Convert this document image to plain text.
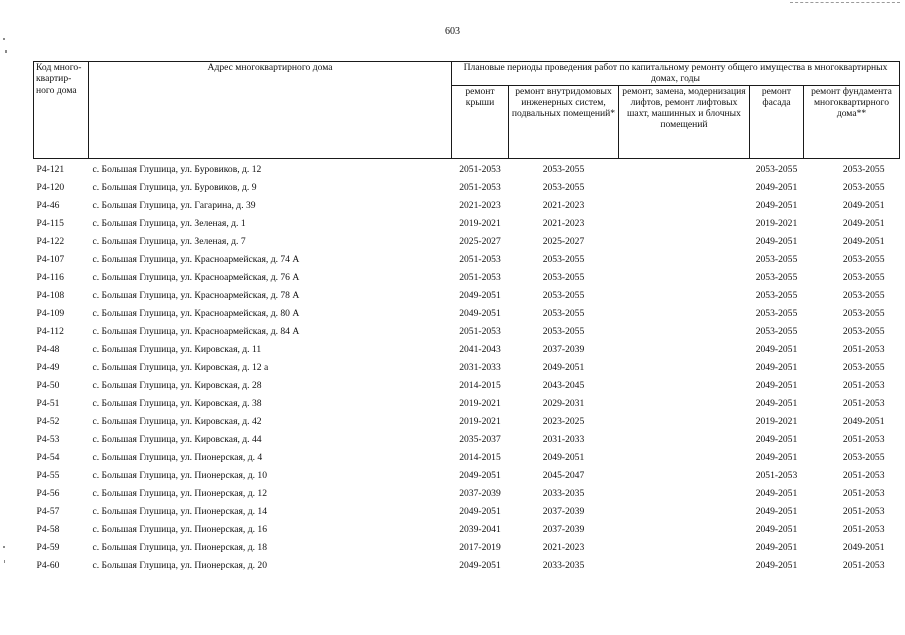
603
Код много-квартир-ного дома	Адрес многоквартирного дома	Плановые периоды проведения работ по капитальному ремонту общего имущества в многоквартирных домах, годы				
		ремонт крыши	ремонт внутридомовых инженерных систем, подвальных помещений*	ремонт, замена, модернизация лифтов, ремонт лифтовых шахт, машинных и блочных помещений	ремонт фасада	ремонт фундамента многоквартирного дома**
Р4-121	с. Большая Глушица, ул. Буровиков, д. 12	2051-2053	2053-2055		2053-2055	2053-2055
Р4-120	с. Большая Глушица, ул. Буровиков, д. 9	2051-2053	2053-2055		2049-2051	2053-2055
Р4-46	с. Большая Глушица, ул. Гагарина, д. 39	2021-2023	2021-2023		2049-2051	2049-2051
Р4-115	с. Большая Глушица, ул. Зеленая, д. 1	2019-2021	2021-2023		2019-2021	2049-2051
Р4-122	с. Большая Глушица, ул. Зеленая, д. 7	2025-2027	2025-2027		2049-2051	2049-2051
Р4-107	с. Большая Глушица, ул. Красноармейская, д. 74 А	2051-2053	2053-2055		2053-2055	2053-2055
Р4-116	с. Большая Глушица, ул. Красноармейская, д. 76 А	2051-2053	2053-2055		2053-2055	2053-2055
Р4-108	с. Большая Глушица, ул. Красноармейская, д. 78 А	2049-2051	2053-2055		2053-2055	2053-2055
Р4-109	с. Большая Глушица, ул. Красноармейская, д. 80 А	2049-2051	2053-2055		2053-2055	2053-2055
Р4-112	с. Большая Глушица, ул. Красноармейская, д. 84 А	2051-2053	2053-2055		2053-2055	2053-2055
Р4-48	с. Большая Глушица, ул. Кировская, д. 11	2041-2043	2037-2039		2049-2051	2051-2053
Р4-49	с. Большая Глушица, ул. Кировская, д. 12 а	2031-2033	2049-2051		2049-2051	2053-2055
Р4-50	с. Большая Глушица, ул. Кировская, д. 28	2014-2015	2043-2045		2049-2051	2051-2053
Р4-51	с. Большая Глушица, ул. Кировская, д. 38	2019-2021	2029-2031		2049-2051	2051-2053
Р4-52	с. Большая Глушица, ул. Кировская, д. 42	2019-2021	2023-2025		2019-2021	2049-2051
Р4-53	с. Большая Глушица, ул. Кировская, д. 44	2035-2037	2031-2033		2049-2051	2051-2053
Р4-54	с. Большая Глушица, ул. Пионерская, д. 4	2014-2015	2049-2051		2049-2051	2053-2055
Р4-55	с. Большая Глушица, ул. Пионерская, д. 10	2049-2051	2045-2047		2051-2053	2051-2053
Р4-56	с. Большая Глушица, ул. Пионерская, д. 12	2037-2039	2033-2035		2049-2051	2051-2053
Р4-57	с. Большая Глушица, ул. Пионерская, д. 14	2049-2051	2037-2039		2049-2051	2051-2053
Р4-58	с. Большая Глушица, ул. Пионерская, д. 16	2039-2041	2037-2039		2049-2051	2051-2053
Р4-59	с. Большая Глушица, ул. Пионерская, д. 18	2017-2019	2021-2023		2049-2051	2049-2051
Р4-60	с. Большая Глушица, ул. Пионерская, д. 20	2049-2051	2033-2035		2049-2051	2051-2053
